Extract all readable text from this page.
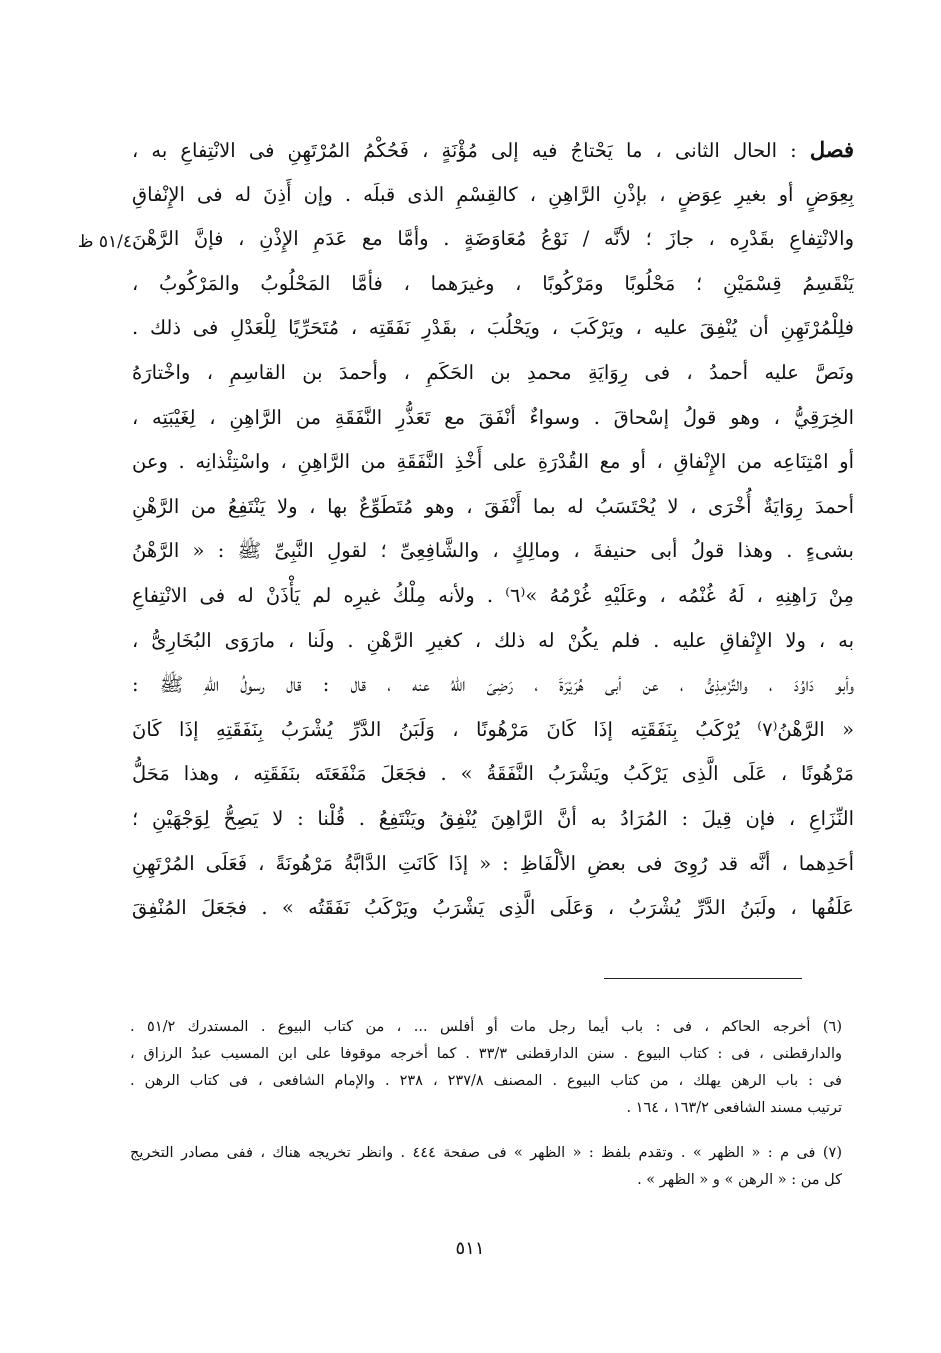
٥١/٤ ظ
فصل : الحال الثانى ، ما يَحْتاجُ فيه إلى مُؤْنَةٍ ، فَحُكْمُ المُرْتَهِنِ فى الانْتِفاعِ به ،
بِعِوَضٍ أو بغيرِ عِوَضٍ ، بإذْنِ الرَّاهِنِ ، كالقِسْمِ الذى قبلَه . وإن أَذِنَ له فى الإِنْفاقِ
والانْتِفاعِ بقَدْرِه ، جازَ ؛ لأنَّه / نَوْعُ مُعَاوَضَةٍ . وأمَّا مع عَدَمِ الإِذْنِ ، فإنَّ الرَّهْنَ
يَنْقَسِمُ قِسْمَيْنِ ؛ مَحْلُوبًا ومَرْكُوبًا ، وغيرَهما ، فأمَّا المَحْلُوبُ والمَرْكُوبُ ،
فلِلْمُرْتَهِنِ أن يُنْفِقَ عليه ، ويَرْكَبَ ، ويَحْلُبَ ، بقَدْرِ نَفَقَتِه ، مُتَحَرِّيًا لِلْعَدْلِ فى ذلك .
ونَصَّ عليه أحمدُ ، فى رِوَايَةِ محمدِ بن الحَكَمِ ، وأحمدَ بن القاسِمِ ، واخْتارَهُ
الخِرَقِيُّ ، وهو قولُ إسْحاقَ . وسواءٌ أنْفَقَ مع تَعَذُّرِ النَّفَقَةِ من الرَّاهِنِ ، لِغَيْبَتِه ،
أو امْتِنَاعِه من الإِنْفاقِ ، أو مع القُدْرَةِ على أَخْذِ النَّفَقَةِ من الرَّاهِنِ ، واسْتِئْذانِه . وعن
أحمدَ رِوَايَةٌ أُخْرَى ، لا يُحْتَسَبُ له بما أَنْفَقَ ، وهو مُتَطَوِّعٌ بها ، ولا يَنْتَفِعُ من الرَّهْنِ
بشىءٍ . وهذا قولُ أبى حنيفةَ ، ومالِكٍ ، والشَّافِعِىِّ ؛ لقولِ النَّبِىِّ ﷺ : « الرَّهْنُ
مِنْ رَاهِنِهِ ، لَهُ غُنْمُه ، وعَلَيْهِ غُرْمُهُ »⁽٦⁾ . ولأنه مِلْكُ غيرِه لم يَأْذَنْ له فى الانْتِفاعِ
به ، ولا الإِنْفاقِ عليه . فلم يكُنْ له ذلك ، كغيرِ الرَّهْنِ . ولَنا ، مارَوَى البُخَارِىُّ ،
وأبو دَاوُدَ ، والتِّرْمِذِىُّ ، عن أبى هُرَيْرَةَ ، رَضِىَ اللهُ عنه ، قال : قال رسولُ اللهِ ﷺ :
« الرَّهْنُ⁽٧⁾ يُرْكَبُ بِنَفَقَتِه إذَا كَانَ مَرْهُونًا ، وَلَبَنُ الدَّرِّ يُشْرَبُ بِنَفَقَتِهِ إذَا كَانَ
مَرْهُونًا ، عَلَى الَّذِى يَرْكَبُ ويَشْرَبُ النَّفَقَةُ » . فجَعَلَ مَنْفَعَتَه بنَفَقَتِه ، وهذا مَحَلُّ
النِّزَاعِ ، فإن قِيلَ : المُرَادُ به أنَّ الرَّاهِنَ يُنْفِقُ ويَنْتَفِعُ . قُلْنا : لا يَصِحُّ لِوَجْهَيْنِ ؛
أحَدِهما ، أنَّه قد رُوِىَ فى بعضِ الألْفَاظِ : « إذَا كَانَتِ الدَّابَّةُ مَرْهُونَةً ، فَعَلَى المُرْتَهِنِ
عَلَفُها ، ولَبَنُ الدَّرِّ يُشْرَبُ ، وَعَلَى الَّذِى يَشْرَبُ ويَرْكَبُ نَفَقَتُه » . فجَعَلَ المُنْفِقَ
(٦) أخرجه الحاكم ، فى : باب أيما رجل مات أو أفلس ... ، من كتاب البيوع . المستدرك ٥١/٢ .
والدارقطنى ، فى : كتاب البيوع . سنن الدارقطنى ٣٣/٣ . كما أخرجه موقوفا على ابن المسيب عبدُ الرزاق ،
فى : باب الرهن يهلك ، من كتاب البيوع . المصنف ٢٣٧/٨ ، ٢٣٨ . والإمام الشافعى ، فى كتاب الرهن .
ترتيب مسند الشافعى ١٦٣/٢ ، ١٦٤ .
(٧) فى م : « الظهر » . وتقدم بلفظ : « الظهر » فى صفحة ٤٤٤ . وانظر تخريجه هناك ، ففى مصادر التخريج
كل من : « الرهن » و « الظهر » .
٥١١
